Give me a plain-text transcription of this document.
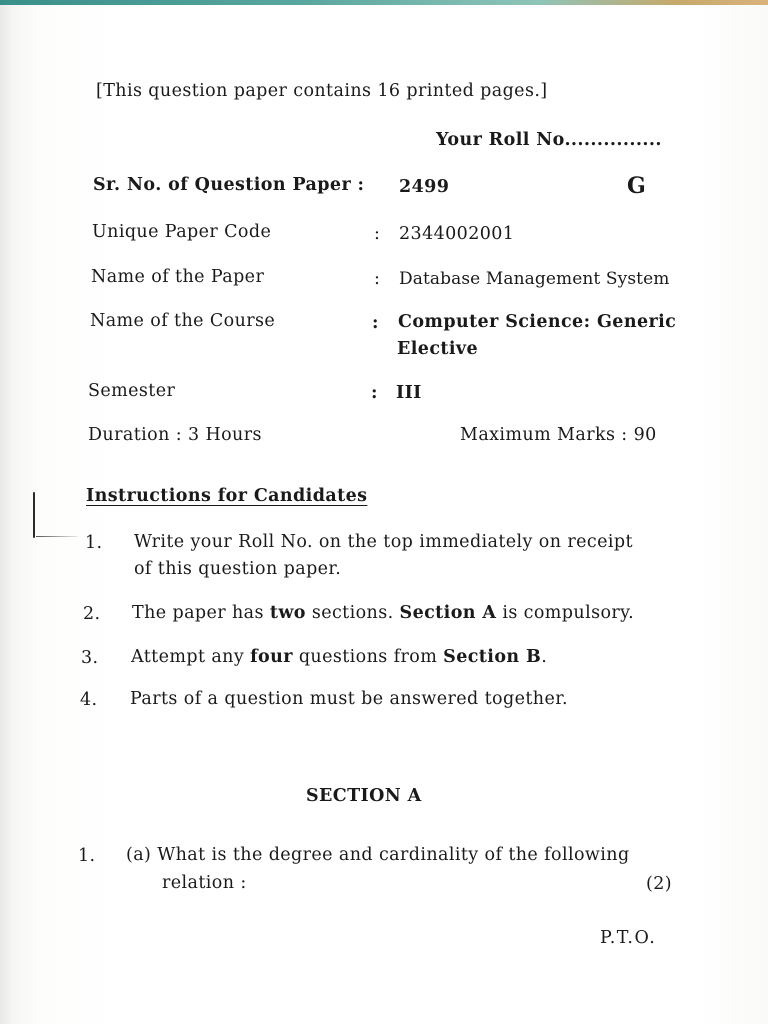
[This question paper contains 16 printed pages.]
Your Roll No...............
Sr. No. of Question Paper : 2499	G
Unique Paper Code	: 2344002001
Name of the Paper	: Database Management System
Name of the Course	: Computer Science: Generic
Elective
Semester	: III
Duration : 3 Hours	Maximum Marks : 90
Instructions for Candidates
1. Write your Roll No. on the top immediately on receipt
of this question paper.
2. The paper has two sections. Section A is compulsory.
3. Attempt any four questions from Section B.
4. Parts of a question must be answered together.
SECTION A
1. (a) What is the degree and cardinality of the following
relation :	(2)
P.T.O.
